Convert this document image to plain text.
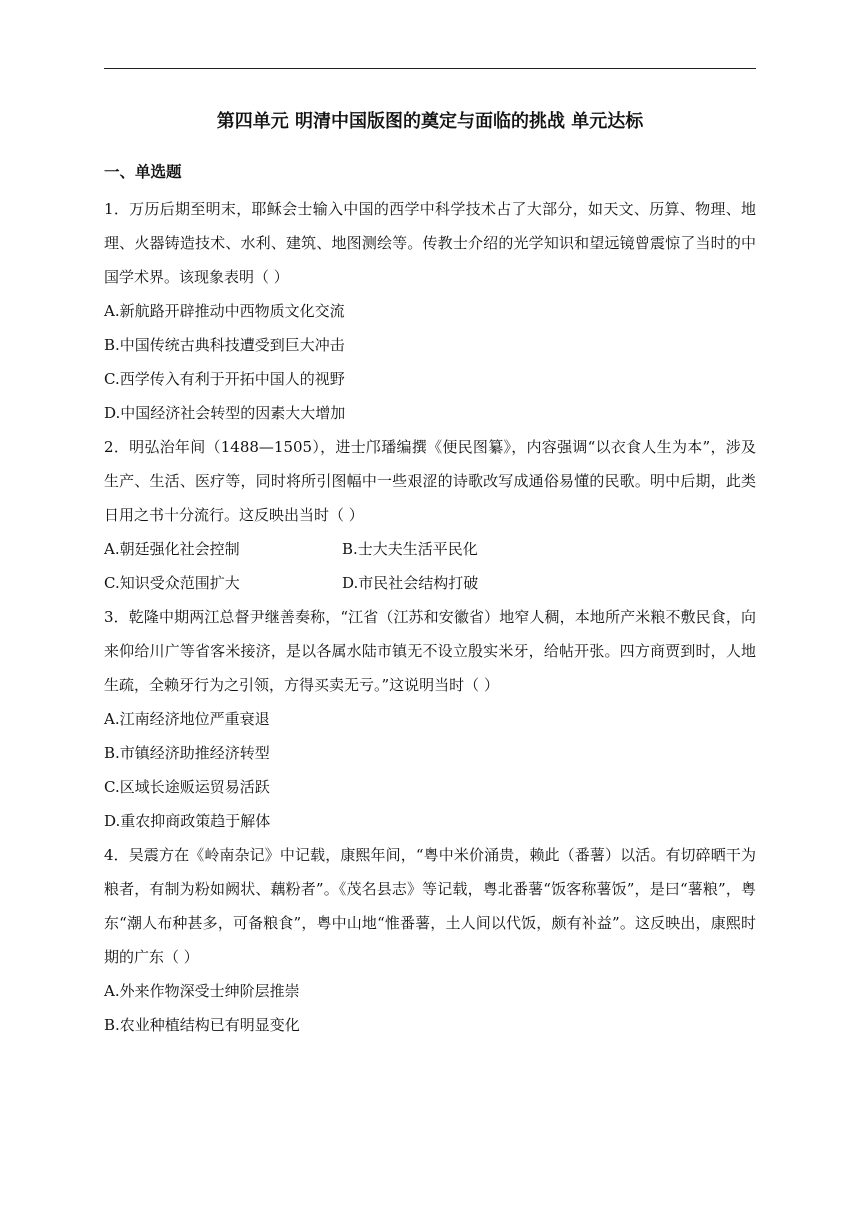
第四单元 明清中国版图的奠定与面临的挑战 单元达标
一、单选题

1．万历后期至明末，耶稣会士输入中国的西学中科学技术占了大部分，如天文、历算、物理、地理、火器铸造技术、水利、建筑、地图测绘等。传教士介绍的光学知识和望远镜曾震惊了当时的中国学术界。该现象表明（ ）

A.新航路开辟推动中西物质文化交流

B.中国传统古典科技遭受到巨大冲击

C.西学传入有利于开拓中国人的视野

D.中国经济社会转型的因素大大增加

2．明弘治年间（1488—1505），进士邝璠编撰《便民图纂》，内容强调“以衣食人生为本”，涉及生产、生活、医疗等，同时将所引图幅中一些艰涩的诗歌改写成通俗易懂的民歌。明中后期，此类日用之书十分流行。这反映出当时（ ）

A.朝廷强化社会控制	B.士大夫生活平民化

C.知识受众范围扩大	D.市民社会结构打破

3．乾隆中期两江总督尹继善奏称，“江省（江苏和安徽省）地窄人稠，本地所产米粮不敷民食，向来仰给川广等省客米接济，是以各属水陆市镇无不设立殷实米牙，给帖开张。四方商贾到时，人地生疏，全赖牙行为之引领，方得买卖无亏。”这说明当时（ ）

A.江南经济地位严重衰退

B.市镇经济助推经济转型

C.区域长途贩运贸易活跃

D.重农抑商政策趋于解体

4．吴震方在《岭南杂记》中记载，康熙年间，“粤中米价涌贵，赖此（番薯）以活。有切碎晒干为粮者，有制为粉如阙状、藕粉者”。《茂名县志》等记载，粤北番薯“饭客称薯饭”，是曰“薯粮”，粤东“潮人布种甚多，可备粮食”，粤中山地“惟番薯，土人间以代饭，颇有补益”。这反映出，康熙时期的广东（ ）

A.外来作物深受士绅阶层推崇

B.农业种植结构已有明显变化
